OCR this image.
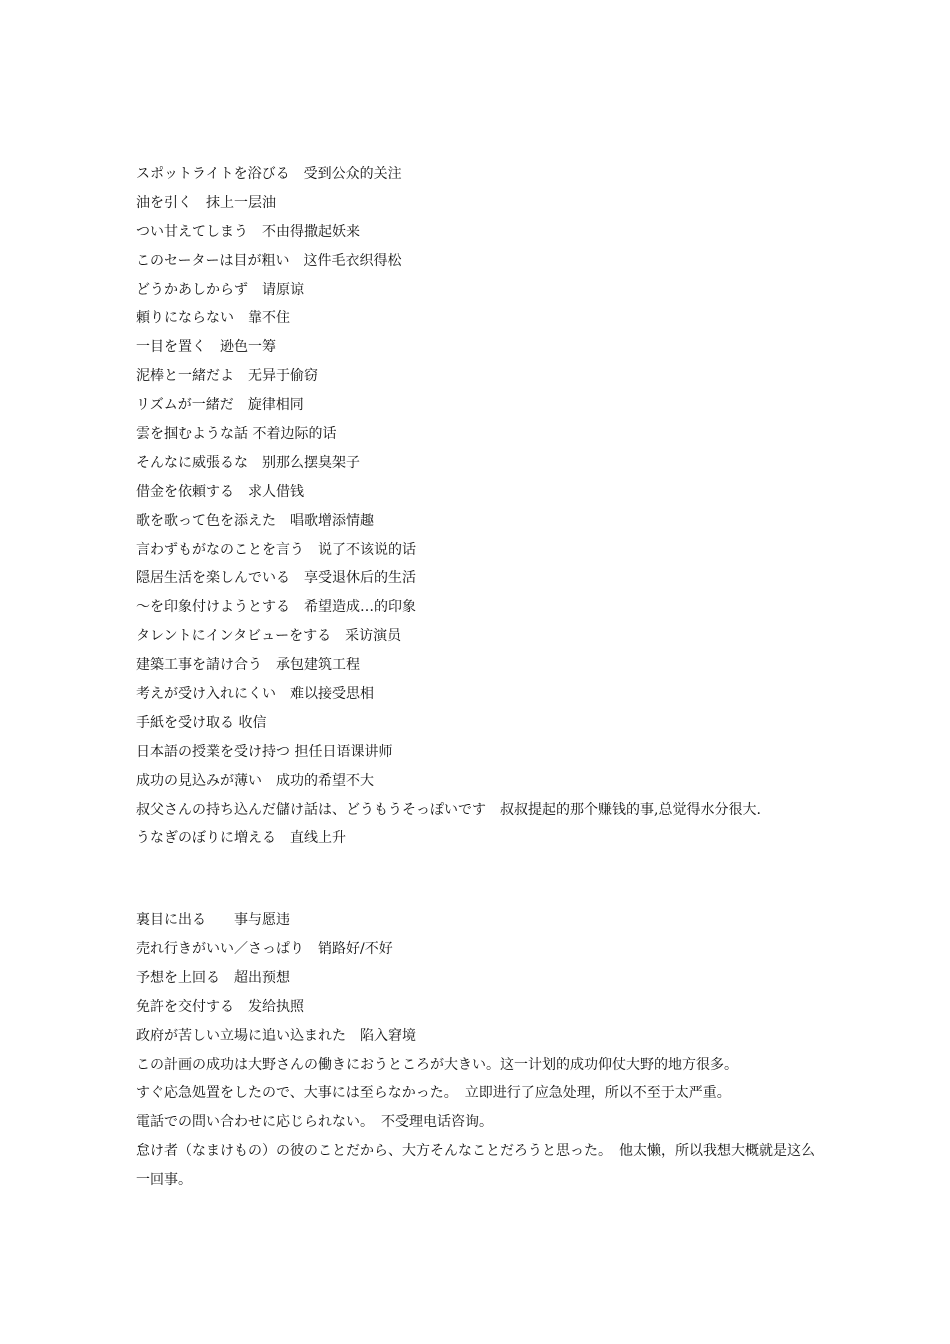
スポットライトを浴びる　受到公众的关注

油を引く　抹上一层油

つい甘えてしまう　不由得撒起妖来

このセーターは目が粗い　这件毛衣织得松

どうかあしからず　请原谅

頼りにならない　靠不住

一目を置く　逊色一筹

泥棒と一緒だよ　无异于偷窃

リズムが一緒だ　旋律相同

雲を掴むような話 不着边际的话

そんなに威張るな　别那么摆臭架子

借金を依頼する　求人借钱

歌を歌って色を添えた　唱歌增添情趣

言わずもがなのことを言う　说了不该说的话

隠居生活を楽しんでいる　享受退休后的生活

〜を印象付けようとする　希望造成…的印象

タレントにインタビューをする　采访演员

建築工事を請け合う　承包建筑工程

考えが受け入れにくい　难以接受思相

手紙を受け取る 收信

日本語の授業を受け持つ 担任日语课讲师

成功の見込みが薄い　成功的希望不大

叔父さんの持ち込んだ儲け話は、どうもうそっぽいです　叔叔提起的那个赚钱的事,总觉得水分很大.

うなぎのぼりに増える　直线上升

裏目に出る　　事与愿违

売れ行きがいい／さっぱり　销路好/不好

予想を上回る　超出预想

免許を交付する　发给执照

政府が苦しい立場に追い込まれた　陷入窘境

この計画の成功は大野さんの働きにおうところが大きい。这一计划的成功仰仗大野的地方很多。

すぐ応急処置をしたので、大事には至らなかった。　立即进行了应急处理，所以不至于太严重。

電話での問い合わせに応じられない。　不受理电话咨询。

怠け者（なまけもの）の彼のことだから、大方そんなことだろうと思った。　他太懒，所以我想大概就是这么一回事。
